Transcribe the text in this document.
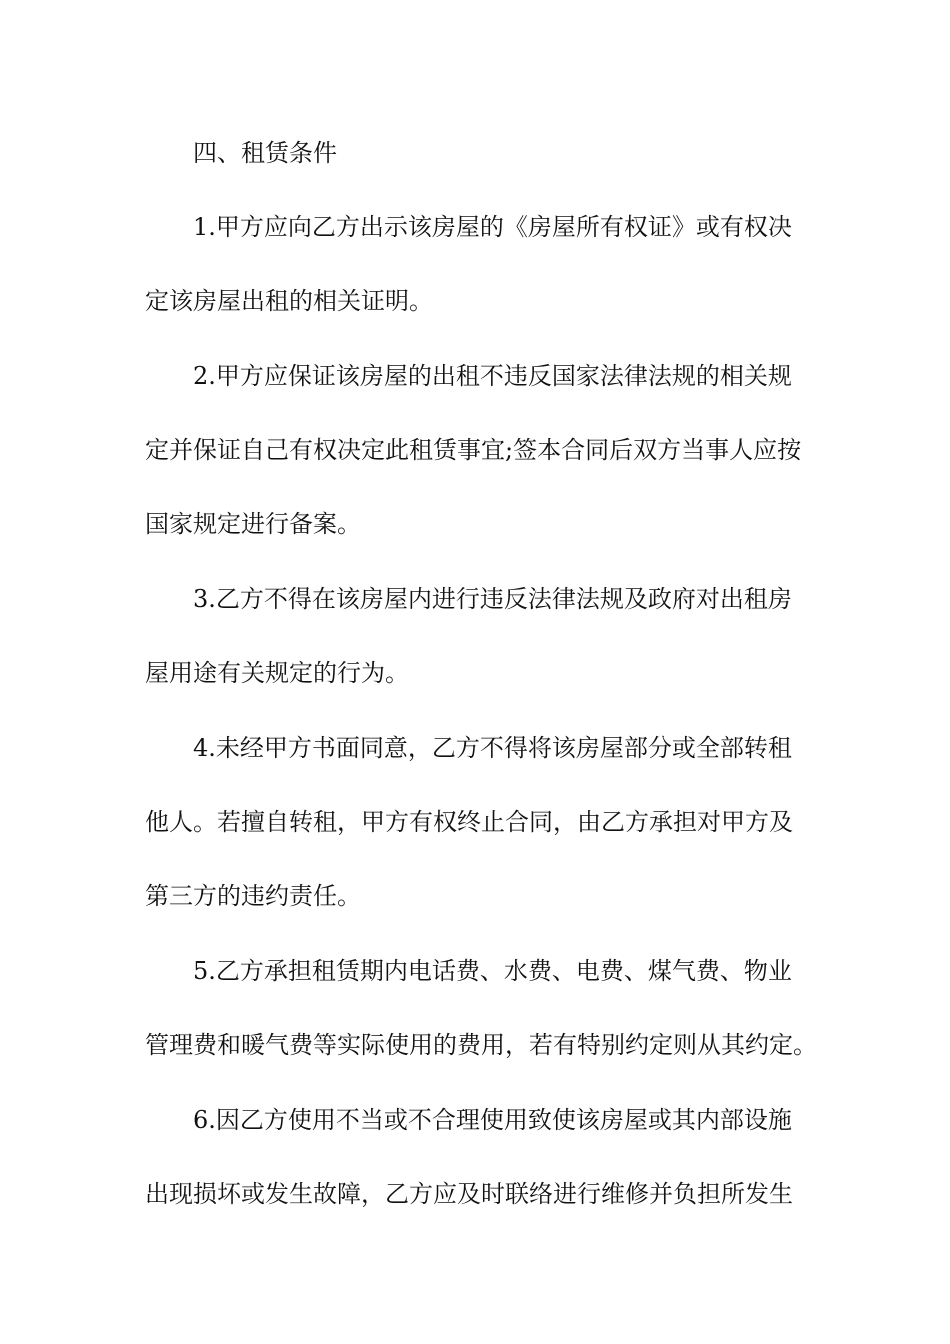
四、租赁条件
1.甲方应向乙方出示该房屋的《房屋所有权证》或有权决
定该房屋出租的相关证明。
2.甲方应保证该房屋的出租不违反国家法律法规的相关规
定并保证自己有权决定此租赁事宜;签本合同后双方当事人应按
国家规定进行备案。
3.乙方不得在该房屋内进行违反法律法规及政府对出租房
屋用途有关规定的行为。
4.未经甲方书面同意，乙方不得将该房屋部分或全部转租
他人。若擅自转租，甲方有权终止合同，由乙方承担对甲方及
第三方的违约责任。
5.乙方承担租赁期内电话费、水费、电费、煤气费、物业
管理费和暖气费等实际使用的费用，若有特别约定则从其约定。
6.因乙方使用不当或不合理使用致使该房屋或其内部设施
出现损坏或发生故障，乙方应及时联络进行维修并负担所发生
